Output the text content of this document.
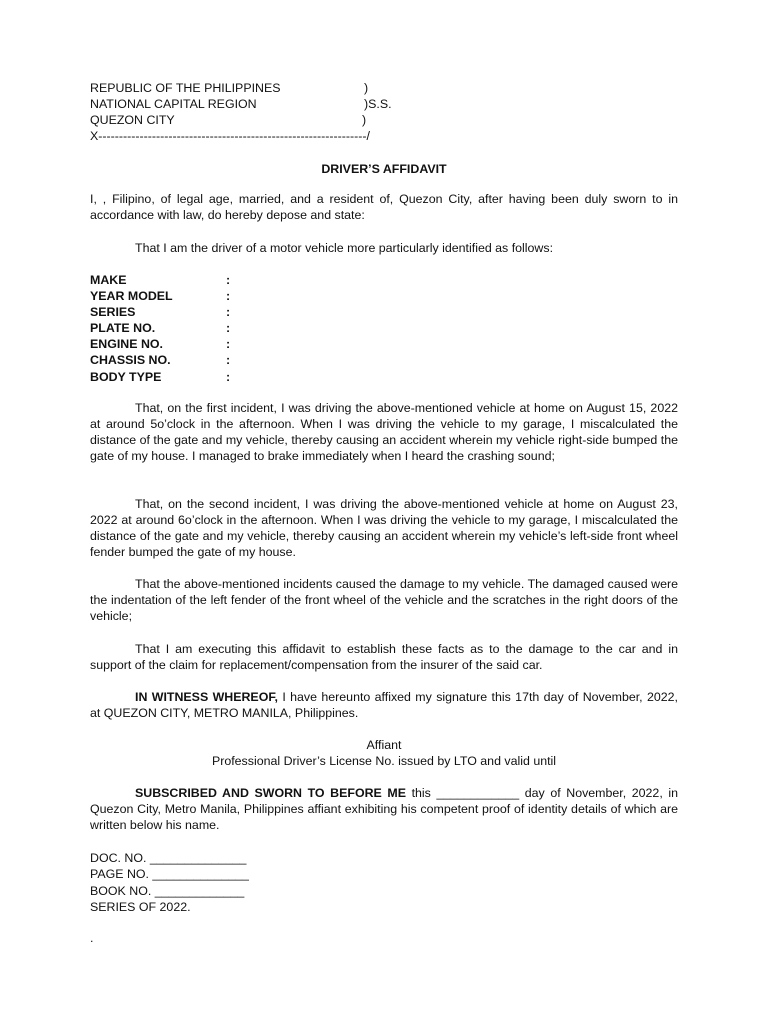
REPUBLIC OF THE PHILIPPINES	)
NATIONAL CAPITAL REGION	)S.S.
QUEZON CITY	)
X-----------------------------------------------------------------/
DRIVER’S AFFIDAVIT
I, , Filipino, of legal age, married, and a resident of, Quezon City, after having been duly sworn to in accordance with law, do hereby depose and state:
That I am the driver of a motor vehicle more particularly identified as follows:
MAKE	:
YEAR MODEL	:
SERIES	:
PLATE NO.	:
ENGINE NO.	:
CHASSIS NO.	:
BODY TYPE	:
That, on the first incident, I was driving the above-mentioned vehicle at home on August 15, 2022 at around 5o’clock in the afternoon. When I was driving the vehicle to my garage, I miscalculated the distance of the gate and my vehicle, thereby causing an accident wherein my vehicle right-side bumped the gate of my house. I managed to brake immediately when I heard the crashing sound;
That, on the second incident, I was driving the above-mentioned vehicle at home on August 23, 2022 at around 6o’clock in the afternoon. When I was driving the vehicle to my garage, I miscalculated the distance of the gate and my vehicle, thereby causing an accident wherein my vehicle’s left-side front wheel fender bumped the gate of my house.
That the above-mentioned incidents caused the damage to my vehicle. The damaged caused were the indentation of the left fender of the front wheel of the vehicle and the scratches in the right doors of the vehicle;
That I am executing this affidavit to establish these facts as to the damage to the car and in support of the claim for replacement/compensation from the insurer of the said car.
IN WITNESS WHEREOF, I have hereunto affixed my signature this 17th day of November, 2022, at QUEZON CITY, METRO MANILA, Philippines.
Affiant
Professional Driver’s License No. issued by LTO and valid until
SUBSCRIBED AND SWORN TO BEFORE ME this ____________ day of November, 2022, in Quezon City, Metro Manila, Philippines affiant exhibiting his competent proof of identity details of which are written below his name.
DOC. NO. ______________
PAGE NO. ______________
BOOK NO. _____________
SERIES OF 2022.
.
